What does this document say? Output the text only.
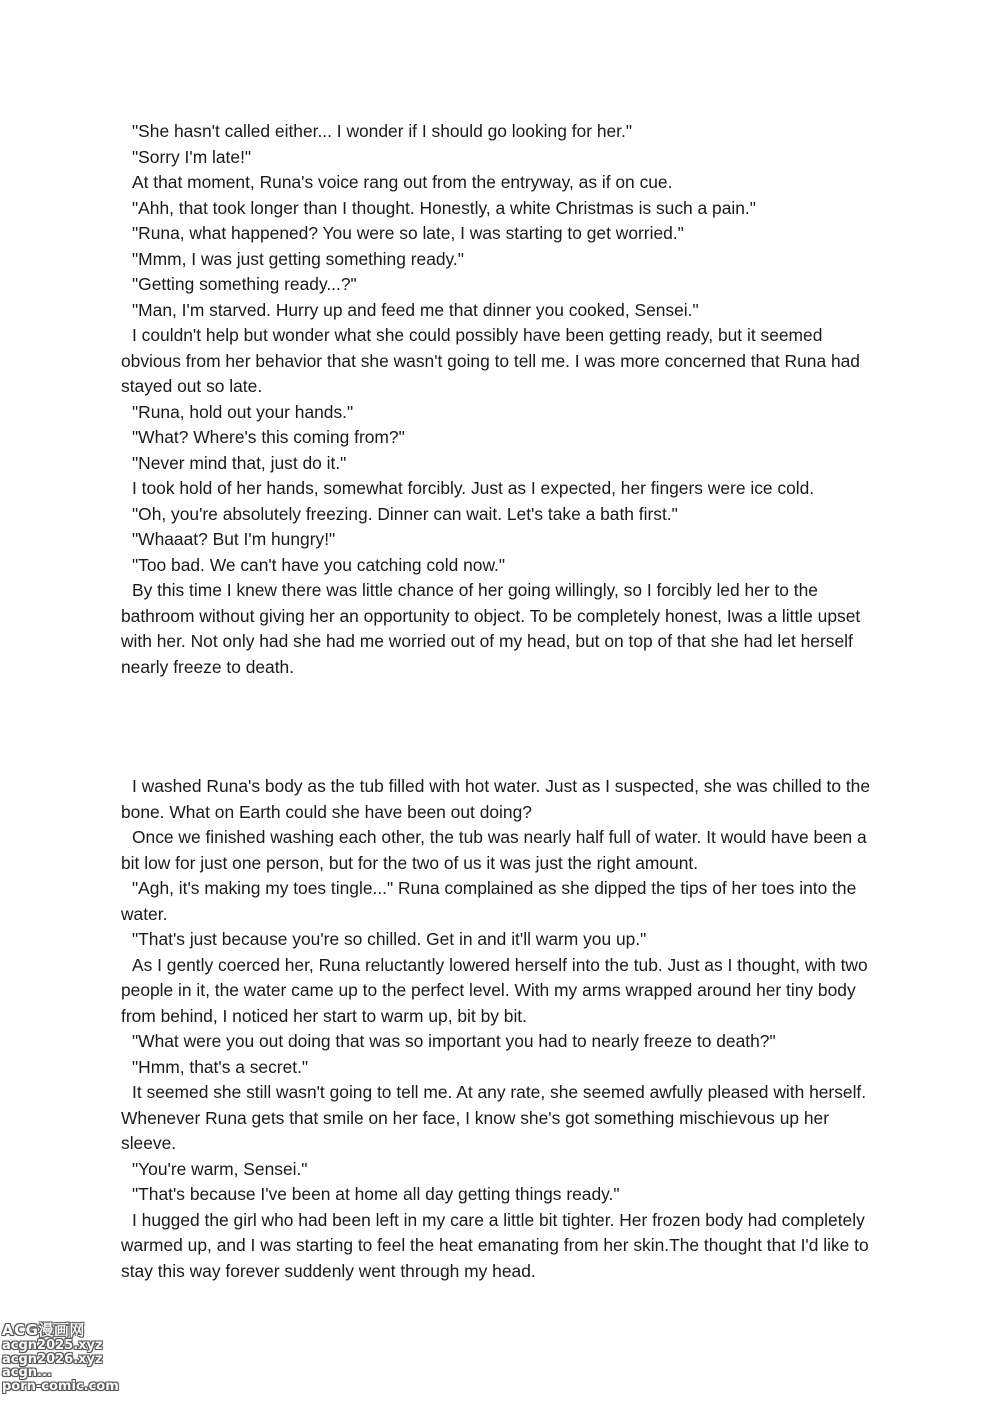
"She hasn't called either... I wonder if I should go looking for her."

"Sorry I'm late!"

At that moment, Runa's voice rang out from the entryway, as if on cue.

"Ahh, that took longer than I thought. Honestly, a white Christmas is such a pain."

"Runa, what happened? You were so late, I was starting to get worried."

"Mmm, I was just getting something ready."

"Getting something ready...?"

"Man, I'm starved. Hurry up and feed me that dinner you cooked, Sensei."

I couldn't help but wonder what she could possibly have been getting ready, but it seemed obvious from her behavior that she wasn't going to tell me. I was more concerned that Runa had stayed out so late.

"Runa, hold out your hands."

"What? Where's this coming from?"

"Never mind that, just do it."

I took hold of her hands, somewhat forcibly. Just as I expected, her fingers were ice cold.

"Oh, you're absolutely freezing. Dinner can wait. Let's take a bath first."

"Whaaat? But I'm hungry!"

"Too bad. We can't have you catching cold now."

By this time I knew there was little chance of her going willingly, so I forcibly led her to the bathroom without giving her an opportunity to object. To be completely honest, Iwas a little upset with her. Not only had she had me worried out of my head, but on top of that she had let herself nearly freeze to death.

I washed Runa's body as the tub filled with hot water. Just as I suspected, she was chilled to the bone. What on Earth could she have been out doing?

Once we finished washing each other, the tub was nearly half full of water. It would have been a bit low for just one person, but for the two of us it was just the right amount.

"Agh, it's making my toes tingle..." Runa complained as she dipped the tips of her toes into the water.

"That's just because you're so chilled. Get in and it'll warm you up."

As I gently coerced her, Runa reluctantly lowered herself into the tub. Just as I thought, with two people in it, the water came up to the perfect level. With my arms wrapped around her tiny body from behind, I noticed her start to warm up, bit by bit.

"What were you out doing that was so important you had to nearly freeze to death?"

"Hmm, that's a secret."

It seemed she still wasn't going to tell me. At any rate, she seemed awfully pleased with herself. Whenever Runa gets that smile on her face, I know she's got something mischievous up her sleeve.

"You're warm, Sensei."

"That's because I've been at home all day getting things ready."

I hugged the girl who had been left in my care a little bit tighter. Her frozen body had completely warmed up, and I was starting to feel the heat emanating from her skin.The thought that I'd like to stay this way forever suddenly went through my head.

ACG漫画网
acgn2025.xyz
acgn2026.xyz
acgn...
porn-comic.com
